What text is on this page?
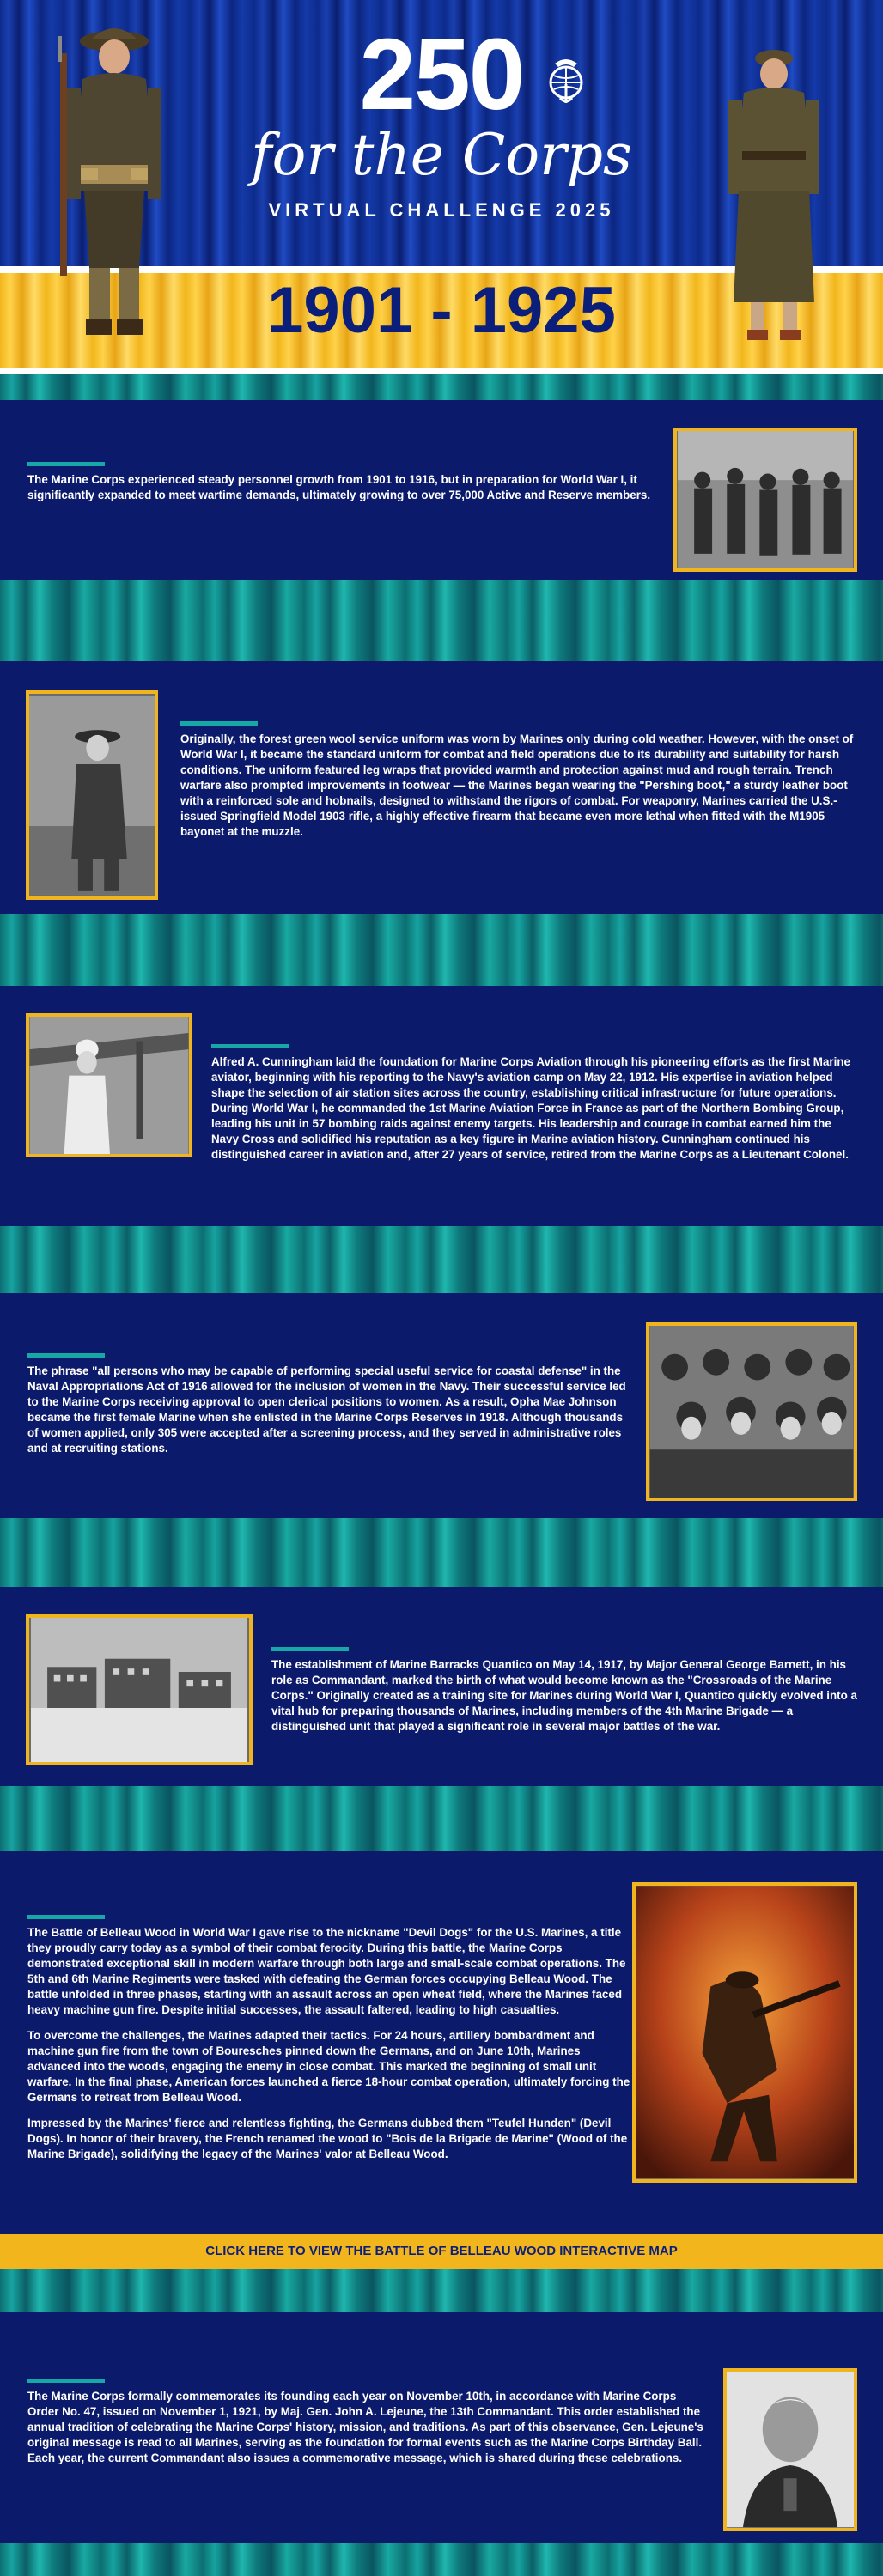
250
for the Corps
VIRTUAL CHALLENGE 2025
1901 - 1925

The Marine Corps experienced steady personnel growth from 1901 to 1916, but in preparation for World War I, it significantly expanded to meet wartime demands, ultimately growing to over 75,000 Active and Reserve members.

Originally, the forest green wool service uniform was worn by Marines only during cold weather. However, with the onset of World War I, it became the standard uniform for combat and field operations due to its durability and suitability for harsh conditions. The uniform featured leg wraps that provided warmth and protection against mud and rough terrain. Trench warfare also prompted improvements in footwear — the Marines began wearing the "Pershing boot," a sturdy leather boot with a reinforced sole and hobnails, designed to withstand the rigors of combat. For weaponry, Marines carried the U.S.-issued Springfield Model 1903 rifle, a highly effective firearm that became even more lethal when fitted with the M1905 bayonet at the muzzle.

Alfred A. Cunningham laid the foundation for Marine Corps Aviation through his pioneering efforts as the first Marine aviator, beginning with his reporting to the Navy's aviation camp on May 22, 1912. His expertise in aviation helped shape the selection of air station sites across the country, establishing critical infrastructure for future operations. During World War I, he commanded the 1st Marine Aviation Force in France as part of the Northern Bombing Group, leading his unit in 57 bombing raids against enemy targets. His leadership and courage in combat earned him the Navy Cross and solidified his reputation as a key figure in Marine aviation history. Cunningham continued his distinguished career in aviation and, after 27 years of service, retired from the Marine Corps as a Lieutenant Colonel.

The phrase "all persons who may be capable of performing special useful service for coastal defense" in the Naval Appropriations Act of 1916 allowed for the inclusion of women in the Navy. Their successful service led to the Marine Corps receiving approval to open clerical positions to women. As a result, Opha Mae Johnson became the first female Marine when she enlisted in the Marine Corps Reserves in 1918. Although thousands of women applied, only 305 were accepted after a screening process, and they served in administrative roles and at recruiting stations.

The establishment of Marine Barracks Quantico on May 14, 1917, by Major General George Barnett, in his role as Commandant, marked the birth of what would become known as the "Crossroads of the Marine Corps." Originally created as a training site for Marines during World War I, Quantico quickly evolved into a vital hub for preparing thousands of Marines, including members of the 4th Marine Brigade — a distinguished unit that played a significant role in several major battles of the war.

The Battle of Belleau Wood in World War I gave rise to the nickname "Devil Dogs" for the U.S. Marines, a title they proudly carry today as a symbol of their combat ferocity. During this battle, the Marine Corps demonstrated exceptional skill in modern warfare through both large and small-scale combat operations. The 5th and 6th Marine Regiments were tasked with defeating the German forces occupying Belleau Wood. The battle unfolded in three phases, starting with an assault across an open wheat field, where the Marines faced heavy machine gun fire. Despite initial successes, the assault faltered, leading to high casualties.

To overcome the challenges, the Marines adapted their tactics. For 24 hours, artillery bombardment and machine gun fire from the town of Bouresches pinned down the Germans, and on June 10th, Marines advanced into the woods, engaging the enemy in close combat. This marked the beginning of small unit warfare. In the final phase, American forces launched a fierce 18-hour combat operation, ultimately forcing the Germans to retreat from Belleau Wood.

Impressed by the Marines' fierce and relentless fighting, the Germans dubbed them "Teufel Hunden" (Devil Dogs). In honor of their bravery, the French renamed the wood to "Bois de la Brigade de Marine" (Wood of the Marine Brigade), solidifying the legacy of the Marines' valor at Belleau Wood.

CLICK HERE TO VIEW THE BATTLE OF BELLEAU WOOD INTERACTIVE MAP

The Marine Corps formally commemorates its founding each year on November 10th, in accordance with Marine Corps Order No. 47, issued on November 1, 1921, by Maj. Gen. John A. Lejeune, the 13th Commandant. This order established the annual tradition of celebrating the Marine Corps' history, mission, and traditions. As part of this observance, Gen. Lejeune's original message is read to all Marines, serving as the foundation for formal events such as the Marine Corps Birthday Ball. Each year, the current Commandant also issues a commemorative message, which is shared during these celebrations.
